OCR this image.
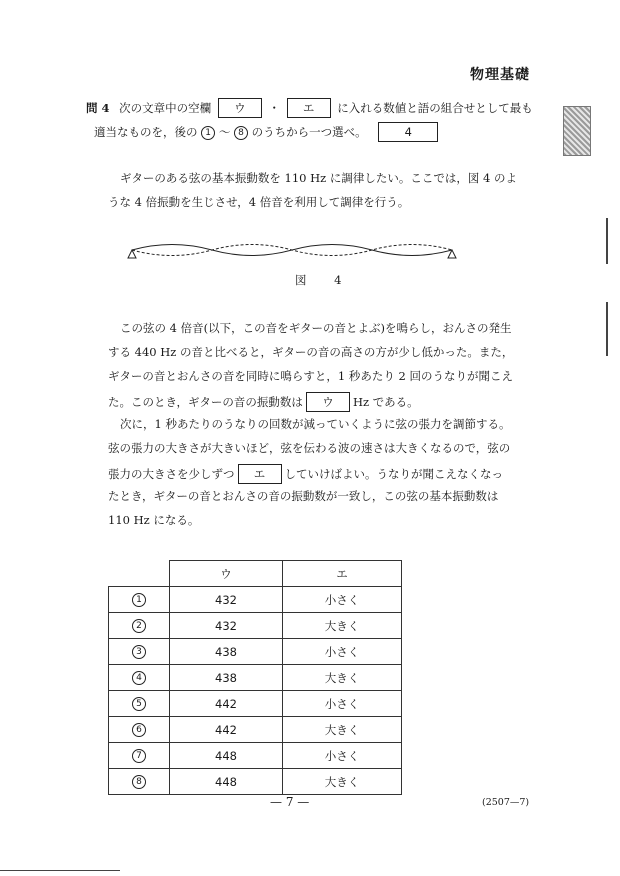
物理基礎
問 4 次の文章中の空欄 ウ ・ エ に入れる数値と語の組合せとして最も
適当なものを，後の 1 ～ 8 のうちから一つ選べ。	4
ギターのある弦の基本振動数を 110 Hz に調律したい。ここでは，図 4 のよ
うな 4 倍振動を生じさせ，4 倍音を利用して調律を行う。
図 4
この弦の 4 倍音(以下，この音をギターの音とよぶ)を鳴らし，おんさの発生
する 440 Hz の音と比べると，ギターの音の高さの方が少し低かった。また，
ギターの音とおんさの音を同時に鳴らすと，1 秒あたり 2 回のうなりが聞こえ
た。このとき，ギターの音の振動数は ウ Hz である。
次に，1 秒あたりのうなりの回数が減っていくように弦の張力を調節する。
弦の張力の大きさが大きいほど，弦を伝わる波の速さは大きくなるので，弦の
張力の大きさを少しずつ エ していけばよい。うなりが聞こえなくなっ
たとき，ギターの音とおんさの音の振動数が一致し，この弦の基本振動数は
110 Hz になる。
	ウ	エ
1	432	小さく
2	432	大きく
3	438	小さく
4	438	大きく
5	442	小さく
6	442	大きく
7	448	小さく
8	448	大きく
— 7 —	(2507—7)
